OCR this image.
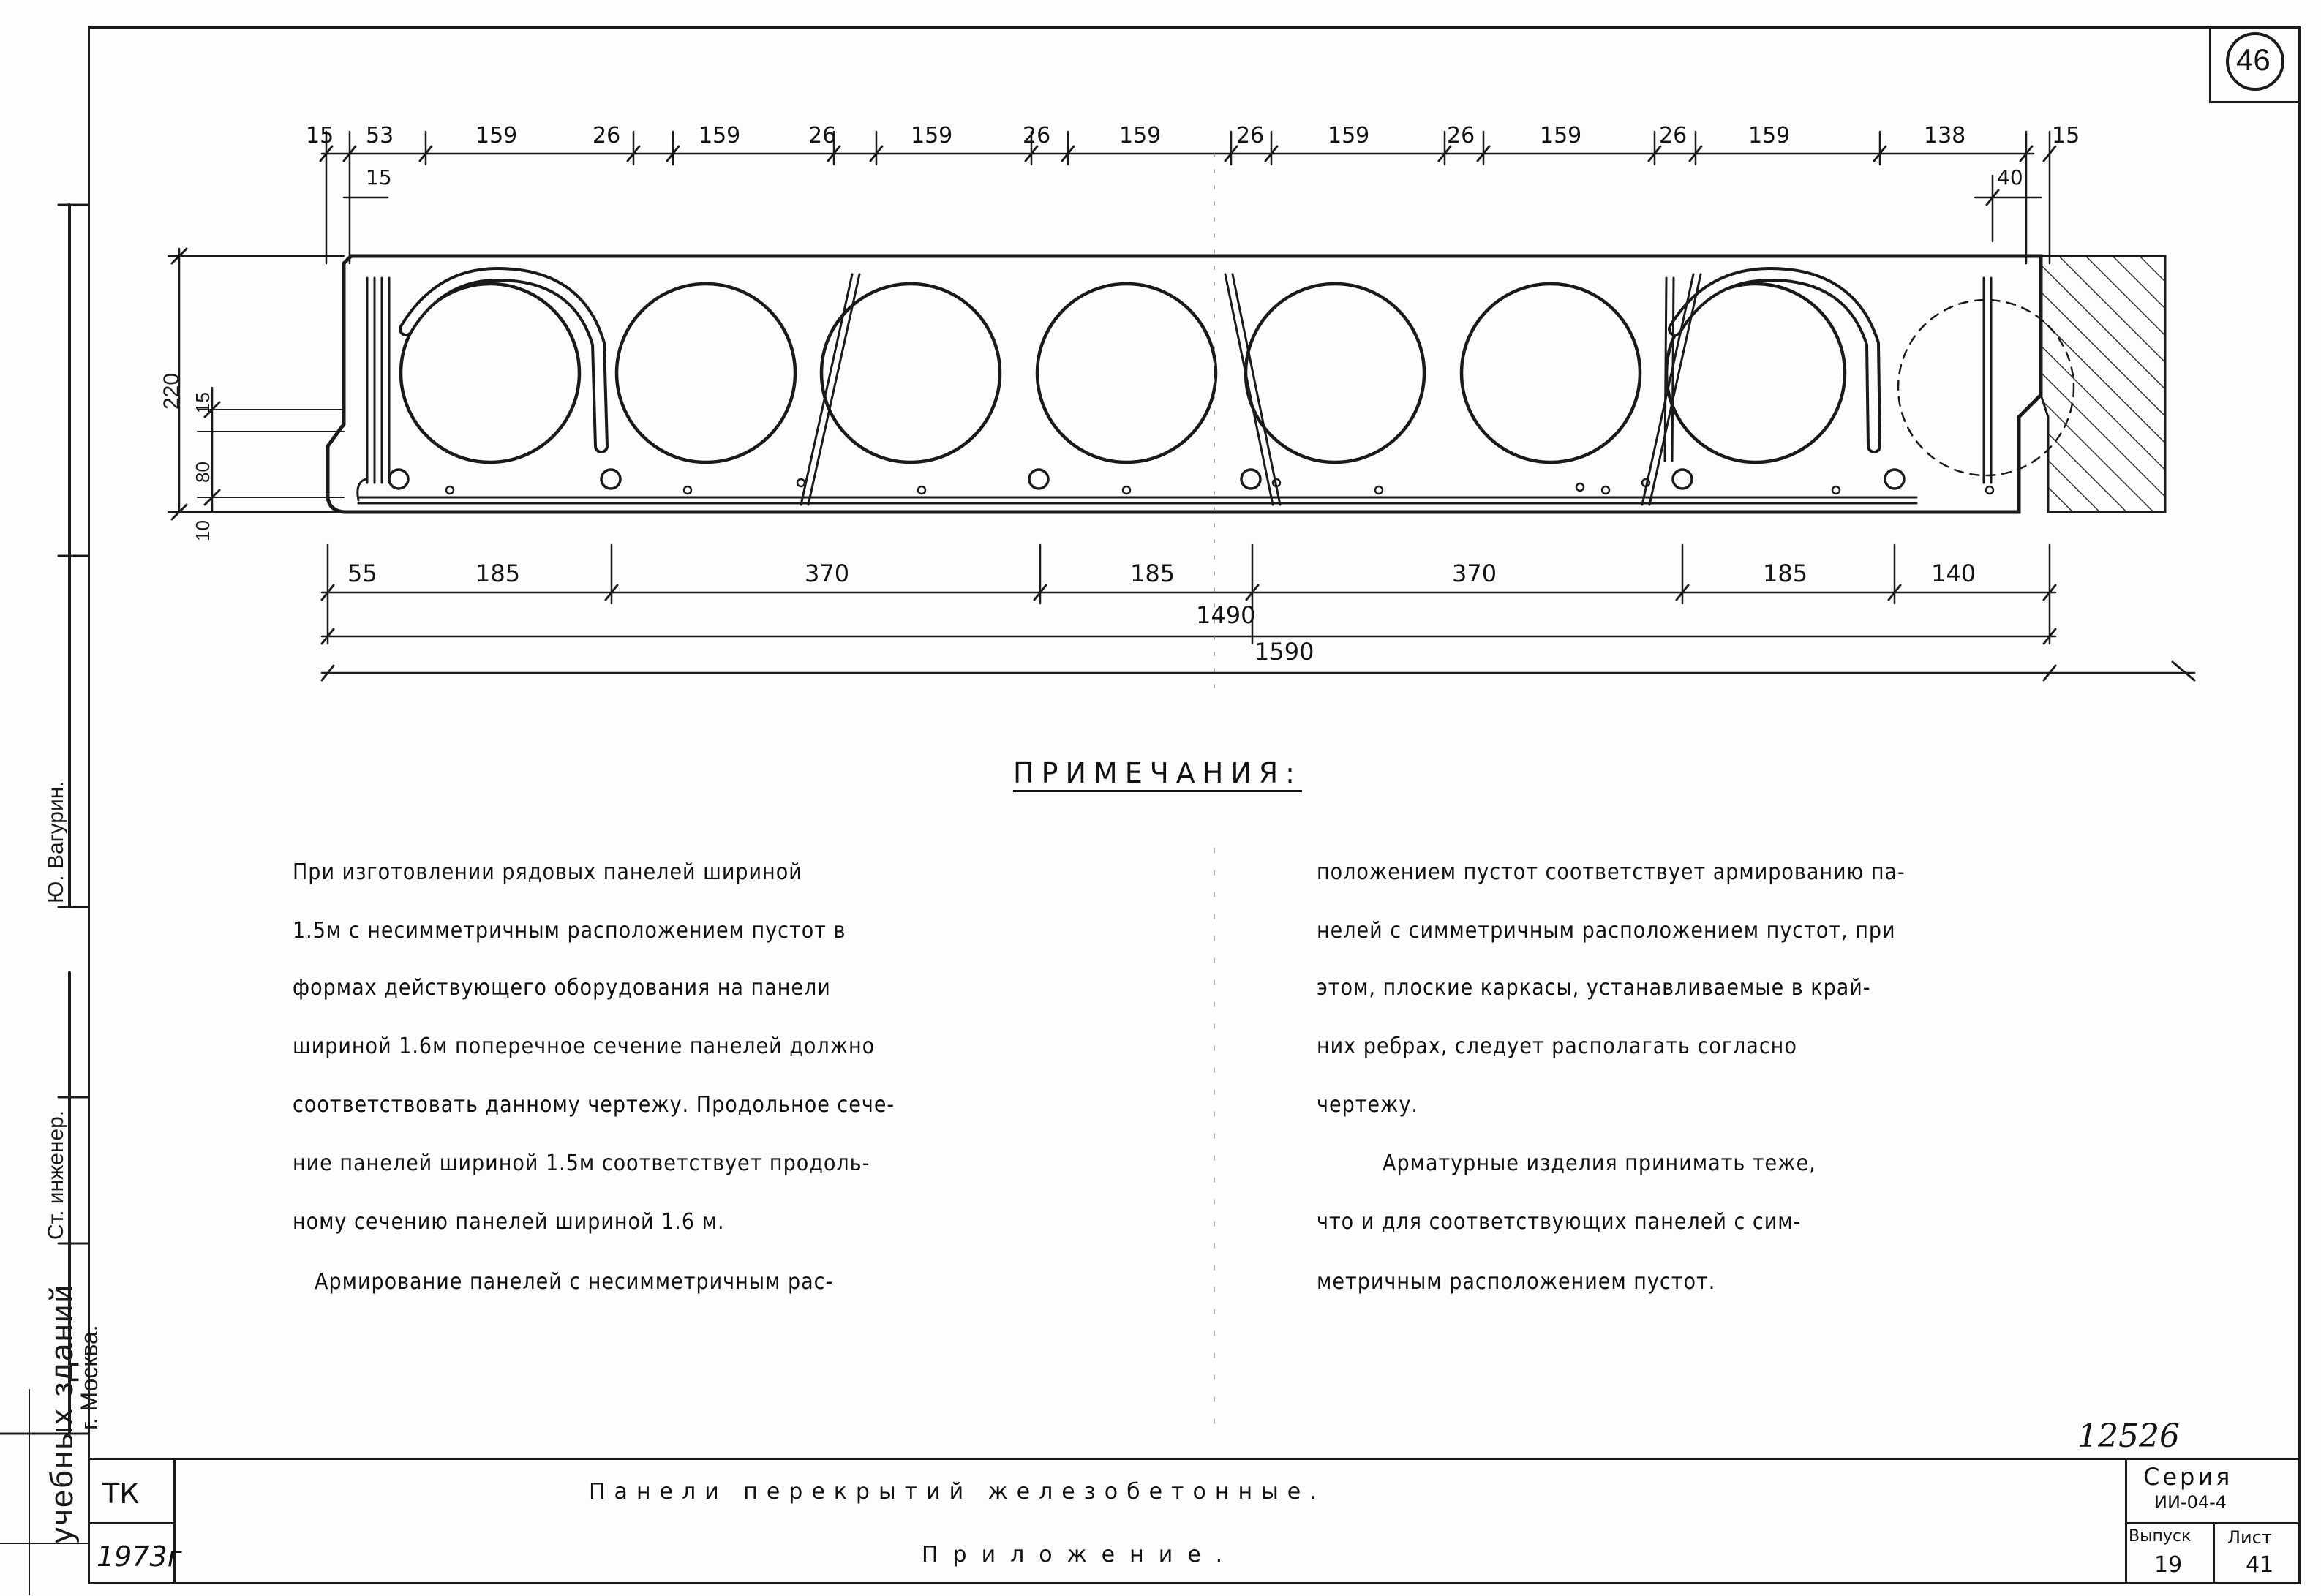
46
15 53	159	26	159	26	159	26	159	26	159	26	159	26	159	138	15
15	40
220 15
80
10
55	185	370	185	370	185	140
1490
1590
ПРИМЕЧАНИЯ:
При изготовлении рядовых панелей шириной
1.5м с несимметричным расположением пустот в
формах действующего оборудования на панели
шириной 1.6м поперечное сечение панелей должно
соответствовать данному чертежу. Продольное сече-
ние панелей шириной 1.5м соответствует продоль-
ному сечению панелей шириной 1.6 м.
Армирование панелей с несимметричным рас-
положением пустот соответствует армированию па-
нелей с симметричным расположением пустот, при
этом, плоские каркасы, устанавливаемые в край-
них ребрах, следует располагать согласно
чертежу.
Арматурные изделия принимать теже,
что и для соответствующих панелей с сим-
метричным расположением пустот.
учебных зданий
г. Москва.
Ст. инженер.
Ю. Вагурин.
12526
ТК
1973г
Панели перекрытий железобетонные.
Приложение.
Серия
ИИ-04-4
Выпуск
19
Лист
41
